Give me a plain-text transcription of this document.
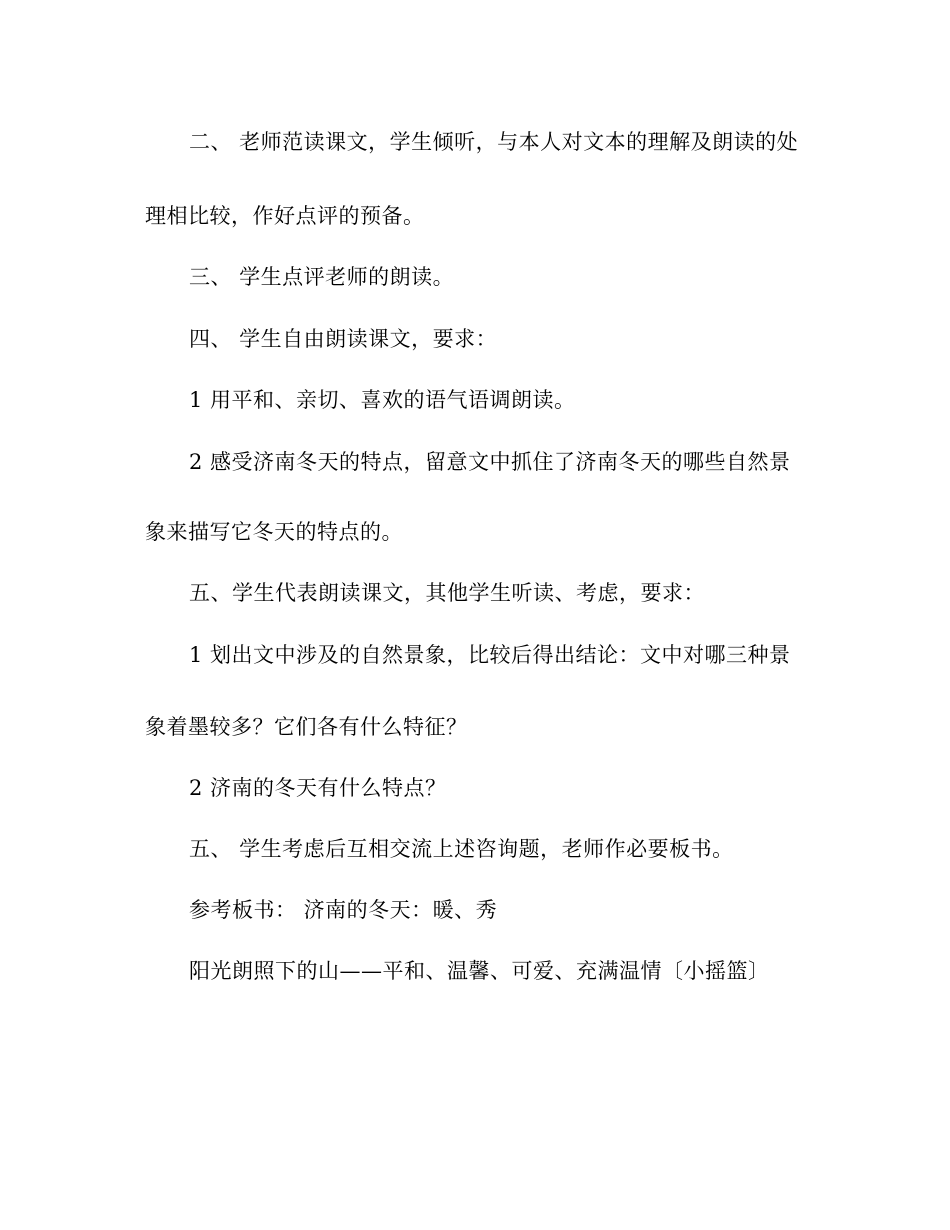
二、 老师范读课文，学生倾听，与本人对文本的理解及朗读的处
理相比较，作好点评的预备。
三、 学生点评老师的朗读。
四、 学生自由朗读课文，要求：
1 用平和、亲切、喜欢的语气语调朗读。
2 感受济南冬天的特点，留意文中抓住了济南冬天的哪些自然景
象来描写它冬天的特点的。
五、学生代表朗读课文，其他学生听读、考虑，要求：
1 划出文中涉及的自然景象，比较后得出结论：文中对哪三种景
象着墨较多？它们各有什么特征？
2 济南的冬天有什么特点？
五、 学生考虑后互相交流上述咨询题，老师作必要板书。
参考板书： 济南的冬天：暖、秀
阳光朗照下的山——平和、温馨、可爱、充满温情〔小摇篮〕
